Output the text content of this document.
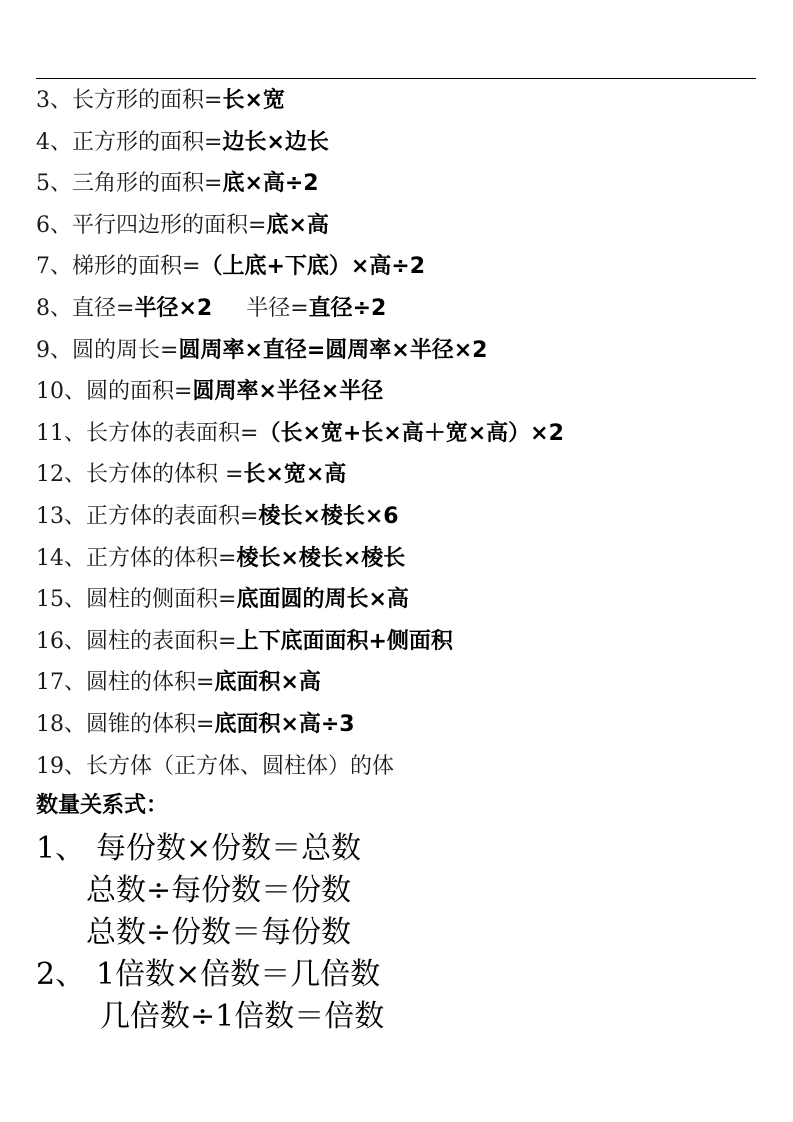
3、长方形的面积=长×宽
4、正方形的面积=边长×边长
5、三角形的面积=底×高÷2
6、平行四边形的面积=底×高
7、梯形的面积=（上底+下底）×高÷2
8、直径=半径×2 半径=直径÷2
9、圆的周长=圆周率×直径=圆周率×半径×2
10、圆的面积=圆周率×半径×半径
11、长方体的表面积=（长×宽+长×高＋宽×高）×2
12、长方体的体积 =长×宽×高
13、正方体的表面积=棱长×棱长×6
14、正方体的体积=棱长×棱长×棱长
15、圆柱的侧面积=底面圆的周长×高
16、圆柱的表面积=上下底面面积+侧面积
17、圆柱的体积=底面积×高
18、圆锥的体积=底面积×高÷3
19、长方体（正方体、圆柱体）的体
数量关系式：
1、 每份数×份数＝总数
总数÷每份数＝份数
总数÷份数＝每份数
2、 1倍数×倍数＝几倍数
几倍数÷1倍数＝倍数
